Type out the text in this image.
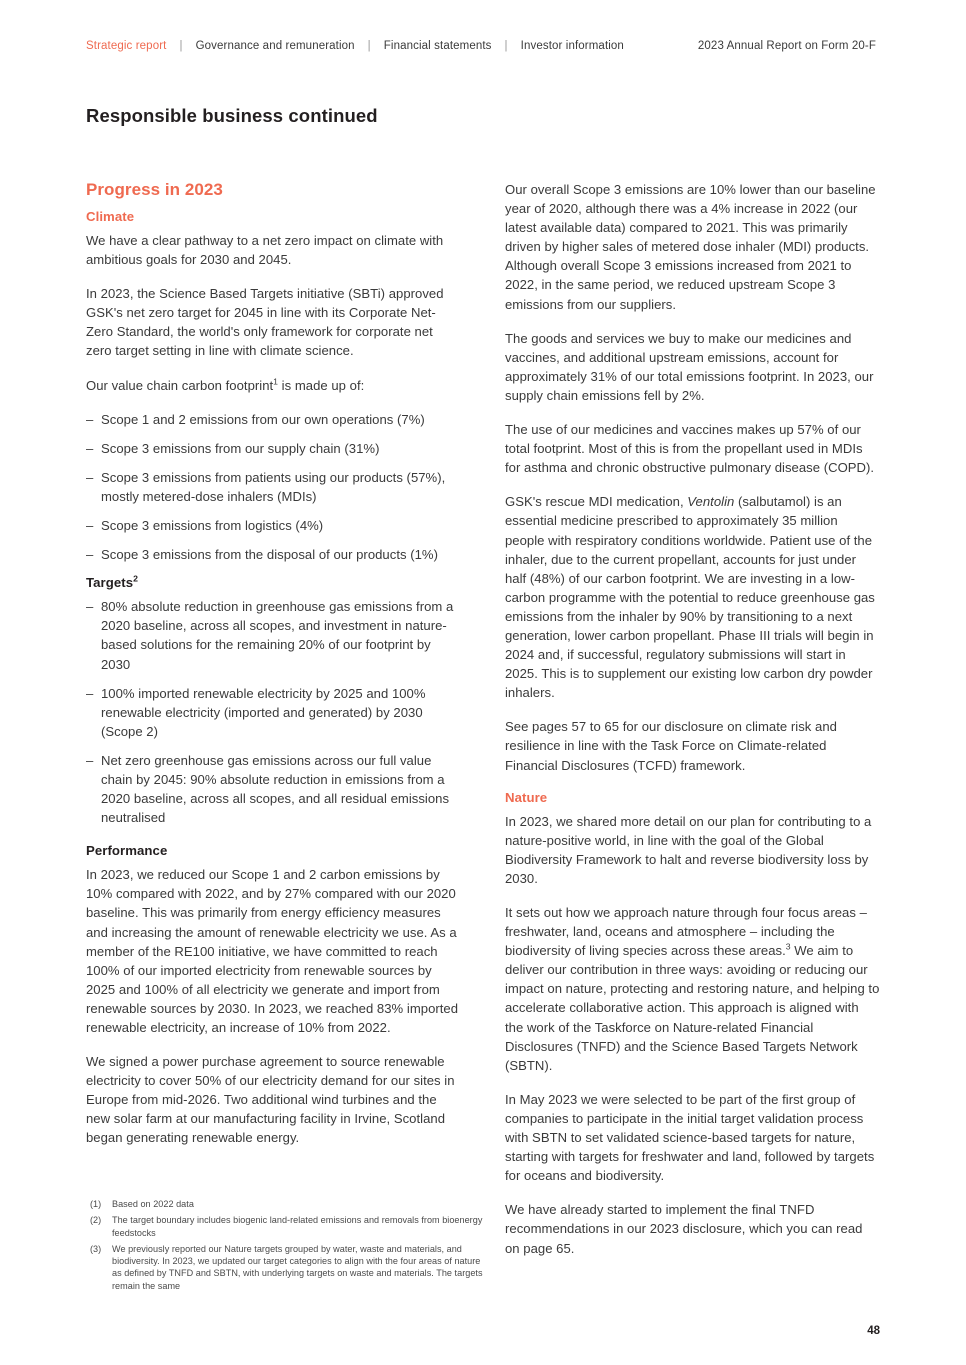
Strategic report	|	Governance and remuneration	|	Financial statements	|	Investor information	2023 Annual Report on Form 20-F
Responsible business continued
Progress in 2023
Climate

We have a clear pathway to a net zero impact on climate with ambitious goals for 2030 and 2045.

In 2023, the Science Based Targets initiative (SBTi) approved GSK's net zero target for 2045 in line with its Corporate Net-Zero Standard, the world's only framework for corporate net zero target setting in line with climate science.

Our value chain carbon footprint$^1$ is made up of:

– Scope 1 and 2 emissions from our own operations (7%)
– Scope 3 emissions from our supply chain (31%)
– Scope 3 emissions from patients using our products (57%), mostly metered-dose inhalers (MDIs)
– Scope 3 emissions from logistics (4%)
– Scope 3 emissions from the disposal of our products (1%)
Targets$^2$
– 80% absolute reduction in greenhouse gas emissions from a 2020 baseline, across all scopes, and investment in nature-based solutions for the remaining 20% of our footprint by 2030
– 100% imported renewable electricity by 2025 and 100% renewable electricity (imported and generated) by 2030 (Scope 2)
– Net zero greenhouse gas emissions across our full value chain by 2045: 90% absolute reduction in emissions from a 2020 baseline, across all scopes, and all residual emissions neutralised
Performance

In 2023, we reduced our Scope 1 and 2 carbon emissions by 10% compared with 2022, and by 27% compared with our 2020 baseline. This was primarily from energy efficiency measures and increasing the amount of renewable electricity we use. As a member of the RE100 initiative, we have committed to reach 100% of our imported electricity from renewable sources by 2025 and 100% of all electricity we generate and import from renewable sources by 2030. In 2023, we reached 83% imported renewable electricity, an increase of 10% from 2022.

We signed a power purchase agreement to source renewable electricity to cover 50% of our electricity demand for our sites in Europe from mid-2026. Two additional wind turbines and the new solar farm at our manufacturing facility in Irvine, Scotland began generating renewable energy.

Our overall Scope 3 emissions are 10% lower than our baseline year of 2020, although there was a 4% increase in 2022 (our latest available data) compared to 2021. This was primarily driven by higher sales of metered dose inhaler (MDI) products. Although overall Scope 3 emissions increased from 2021 to 2022, in the same period, we reduced upstream Scope 3 emissions from our suppliers.

The goods and services we buy to make our medicines and vaccines, and additional upstream emissions, account for approximately 31% of our total emissions footprint. In 2023, our supply chain emissions fell by 2%.

The use of our medicines and vaccines makes up 57% of our total footprint. Most of this is from the propellant used in MDIs for asthma and chronic obstructive pulmonary disease (COPD).

GSK's rescue MDI medication, Ventolin (salbutamol) is an essential medicine prescribed to approximately 35 million people with respiratory conditions worldwide. Patient use of the inhaler, due to the current propellant, accounts for just under half (48%) of our carbon footprint. We are investing in a low-carbon programme with the potential to reduce greenhouse gas emissions from the inhaler by 90% by transitioning to a next generation, lower carbon propellant. Phase III trials will begin in 2024 and, if successful, regulatory submissions will start in 2025. This is to supplement our existing low carbon dry powder inhalers.

See pages 57 to 65 for our disclosure on climate risk and resilience in line with the Task Force on Climate-related Financial Disclosures (TCFD) framework.

Nature

In 2023, we shared more detail on our plan for contributing to a nature-positive world, in line with the goal of the Global Biodiversity Framework to halt and reverse biodiversity loss by 2030.

It sets out how we approach nature through four focus areas – freshwater, land, oceans and atmosphere – including the biodiversity of living species across these areas.$^3$ We aim to deliver our contribution in three ways: avoiding or reducing our impact on nature, protecting and restoring nature, and helping to accelerate collaborative action. This approach is aligned with the work of the Taskforce on Nature-related Financial Disclosures (TNFD) and the Science Based Targets Network (SBTN).

In May 2023 we were selected to be part of the first group of companies to participate in the initial target validation process with SBTN to set validated science-based targets for nature, starting with targets for freshwater and land, followed by targets for oceans and biodiversity.

We have already started to implement the final TNFD recommendations in our 2023 disclosure, which you can read on page 65.

(1)	Based on 2022 data
(2)	The target boundary includes biogenic land-related emissions and removals from bioenergy feedstocks
(3)	We previously reported our Nature targets grouped by water, waste and materials, and biodiversity. In 2023, we updated our target categories to align with the four areas of nature as defined by TNFD and SBTN, with underlying targets on waste and materials. The targets remain the same
48
